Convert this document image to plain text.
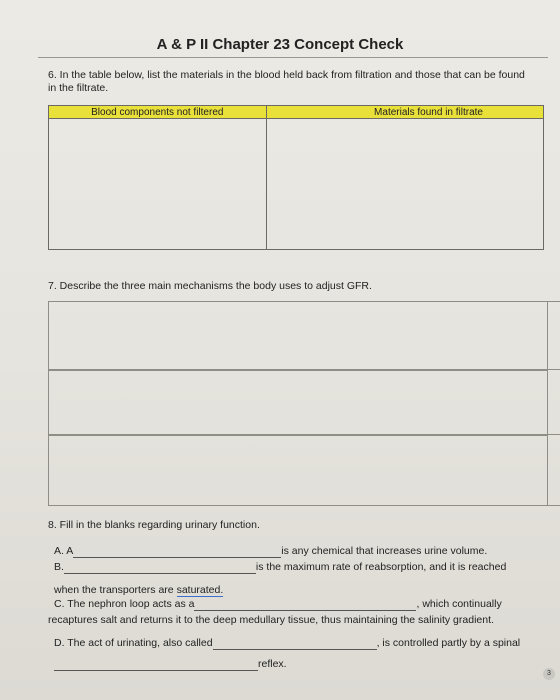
A & P II Chapter 23 Concept Check
6. In the table below, list the materials in the blood held back from filtration and those that can be found in the filtrate.
Blood components not filtered	Materials found in filtrate

7. Describe the three main mechanisms the body uses to adjust GFR.
8. Fill in the blanks regarding urinary function.
A. A	is any chemical that increases urine volume.
B.	is the maximum rate of reabsorption, and it is reached
when the transporters are saturated.
C. The nephron loop acts as a	, which continually
recaptures salt and returns it to the deep medullary tissue, thus maintaining the salinity gradient.
D. The act of urinating, also called	, is controlled partly by a spinal
reflex.
3
